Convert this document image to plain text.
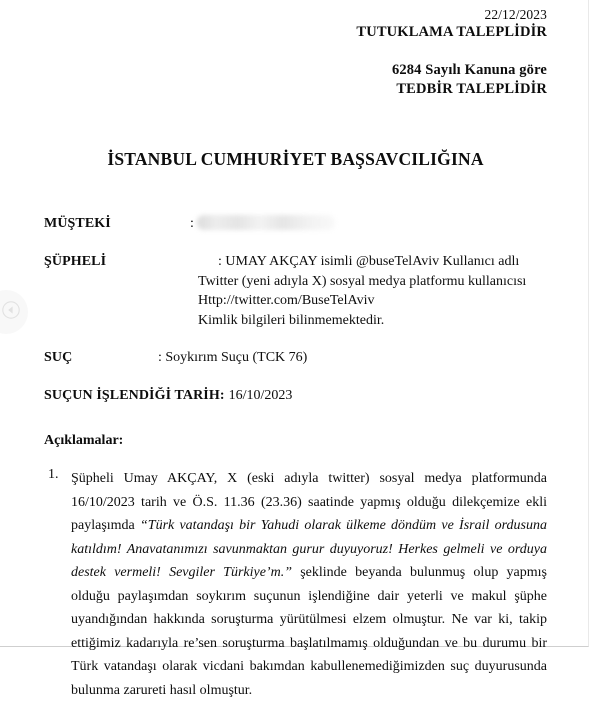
22/12/2023
TUTUKLAMA TALEPLİDİR
6284 Sayılı Kanuna göre
TEDBİR TALEPLİDİR
İSTANBUL CUMHURİYET BAŞSAVCILIĞINA
MÜŞTEKİ	:
ŞÜPHELİ	: UMAY AKÇAY isimli @buseTelAviv Kullanıcı adlı
Twitter (yeni adıyla X) sosyal medya platformu kullanıcısı
Http://twitter.com/BuseTelAviv
Kimlik bilgileri bilinmemektedir.
SUÇ	: Soykırım Suçu (TCK 76)
SUÇUN İŞLENDİĞİ TARİH: 16/10/2023
Açıklamalar:
1. Şüpheli Umay AKÇAY, X (eski adıyla twitter) sosyal medya platformunda 16/10/2023 tarih ve Ö.S. 11.36 (23.36) saatinde yapmış olduğu dilekçemize ekli paylaşımda “Türk vatandaşı bir Yahudi olarak ülkeme döndüm ve İsrail ordusuna katıldım! Anavatanımızı savunmaktan gurur duyuyoruz! Herkes gelmeli ve orduya destek vermeli! Sevgiler Türkiye’m.” şeklinde beyanda bulunmuş olup yapmış olduğu paylaşımdan soykırım suçunun işlendiğine dair yeterli ve makul şüphe uyandığından hakkında soruşturma yürütülmesi elzem olmuştur. Ne var ki, takip ettiğimiz kadarıyla re’sen soruşturma başlatılmamış olduğundan ve bu durumu bir Türk vatandaşı olarak vicdani bakımdan kabullenemediğimizden suç duyurusunda bulunma zarureti hasıl olmuştur.
